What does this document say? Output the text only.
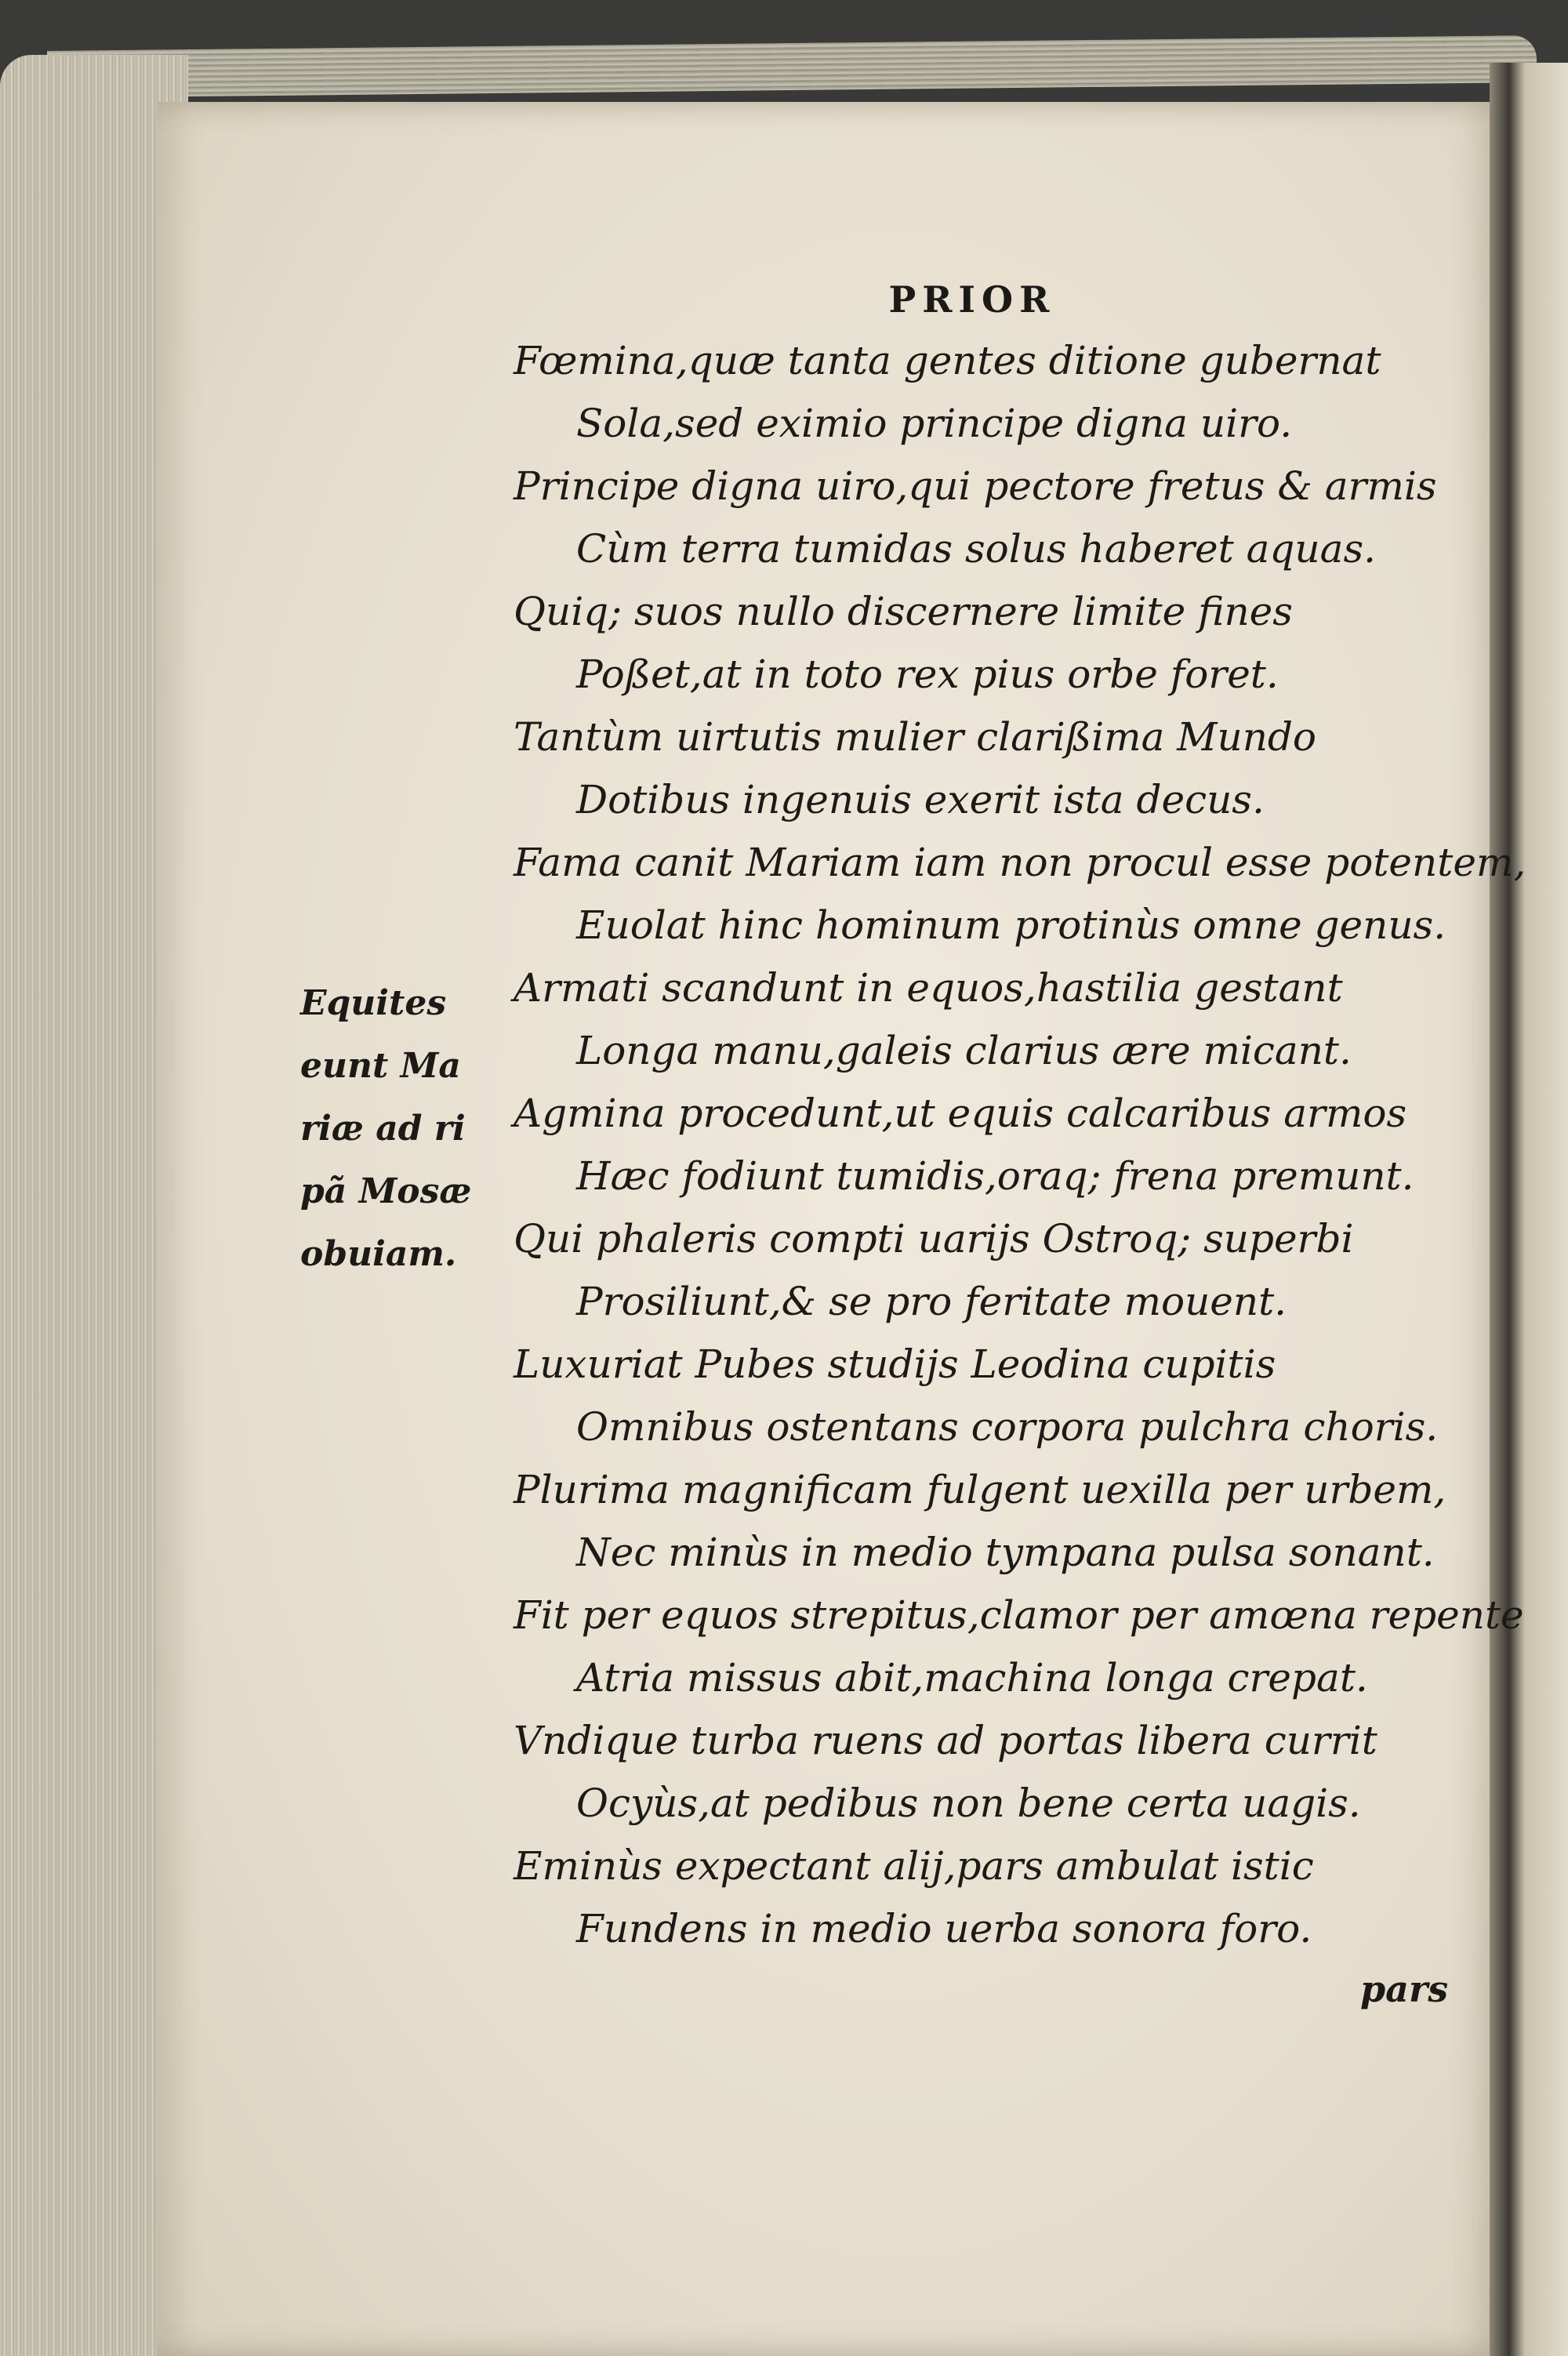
PRIOR
Fœmina,quæ tanta gentes ditione gubernat
Sola,sed eximio principe digna uiro.
Principe digna uiro,qui pectore fretus & armis
Cùm terra tumidas solus haberet aquas.
Quiq; suos nullo discernere limite fines
Poßet,at in toto rex pius orbe foret.
Tantùm uirtutis mulier clarißima Mundo
Dotibus ingenuis exerit ista decus.
Fama canit Mariam iam non procul esse potentem,
Euolat hinc hominum protinùs omne genus.
Armati scandunt in equos,hastilia gestant
Longa manu,galeis clarius ære micant.
Agmina procedunt,ut equis calcaribus armos
Hæc fodiunt tumidis,oraq; frena premunt.
Qui phaleris compti uarijs Ostroq; superbi
Prosiliunt,& se pro feritate mouent.
Luxuriat Pubes studijs Leodina cupitis
Omnibus ostentans corpora pulchra choris.
Plurima magnificam fulgent uexilla per urbem,
Nec minùs in medio tympana pulsa sonant.
Fit per equos strepitus,clamor per amœna repente
Atria missus abit,machina longa crepat.
Vndique turba ruens ad portas libera currit
Ocyùs,at pedibus non bene certa uagis.
Eminùs expectant alij,pars ambulat istic
Fundens in medio uerba sonora foro.
Equites
eunt Ma
riæ ad ri
pã Mosæ
obuiam.
pars
